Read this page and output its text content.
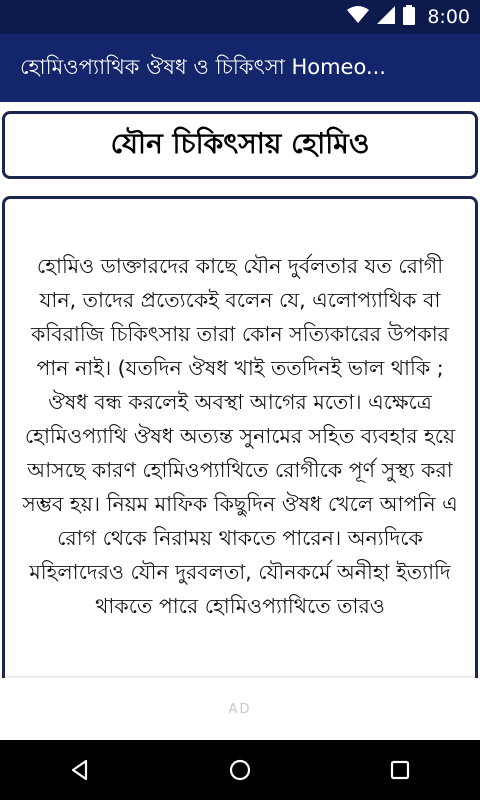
8:00
হোমিওপ্যাথিক ঔষধ ও চিকিৎসা Homeo...
যৌন চিকিৎসায় হোমিও
হোমিও ডাক্তারদের কাছে যৌন দুর্বলতার যত রোগী যান, তাদের প্রত্যেকেই বলেন যে, এলোপ্যাথিক বা কবিরাজি চিকিৎসায় তারা কোন সত্যিকারের উপকার পান নাই। (যতদিন ঔষধ খাই ততদিনই ভাল থাকি ; ঔষধ বন্ধ করলেই অবস্থা আগের মতো। এক্ষেত্রে হোমিওপ্যাথি ঔষধ অত্যন্ত সুনামের সহিত ব্যবহার হয়ে আসছে কারণ হোমিওপ্যাথিতে রোগীকে পূর্ণ সুস্থ্য করা সম্ভব হয়। নিয়ম মাফিক কিছুদিন ঔষধ খেলে আপনি এ রোগ থেকে নিরাময় থাকতে পারেন। অন্যদিকে মহিলাদেরও যৌন দুরবলতা, যৌনকর্মে অনীহা ইত্যাদি থাকতে পারে হোমিওপ্যাথিতে তারও
AD
